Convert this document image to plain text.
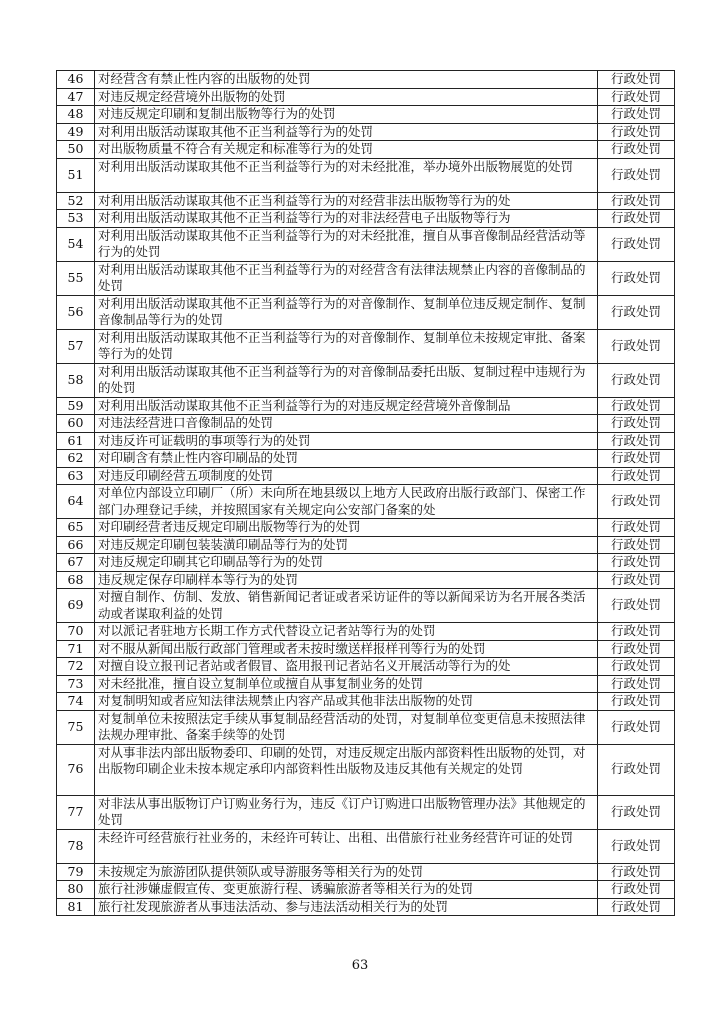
46	对经营含有禁止性内容的出版物的处罚	行政处罚
47	对违反规定经营境外出版物的处罚	行政处罚
48	对违反规定印刷和复制出版物等行为的处罚	行政处罚
49	对利用出版活动谋取其他不正当利益等行为的处罚	行政处罚
50	对出版物质量不符合有关规定和标准等行为的处罚	行政处罚
51	对利用出版活动谋取其他不正当利益等行为的对未经批准，举办境外出版物展览的处罚	行政处罚
52	对利用出版活动谋取其他不正当利益等行为的对经营非法出版物等行为的处	行政处罚
53	对利用出版活动谋取其他不正当利益等行为的对非法经营电子出版物等行为	行政处罚
54	对利用出版活动谋取其他不正当利益等行为的对未经批准，擅自从事音像制品经营活动等行为的处罚	行政处罚
55	对利用出版活动谋取其他不正当利益等行为的对经营含有法律法规禁止内容的音像制品的处罚	行政处罚
56	对利用出版活动谋取其他不正当利益等行为的对音像制作、复制单位违反规定制作、复制音像制品等行为的处罚	行政处罚
57	对利用出版活动谋取其他不正当利益等行为的对音像制作、复制单位未按规定审批、备案等行为的处罚	行政处罚
58	对利用出版活动谋取其他不正当利益等行为的对音像制品委托出版、复制过程中违规行为的处罚	行政处罚
59	对利用出版活动谋取其他不正当利益等行为的对违反规定经营境外音像制品	行政处罚
60	对违法经营进口音像制品的处罚	行政处罚
61	对违反许可证载明的事项等行为的处罚	行政处罚
62	对印刷含有禁止性内容印刷品的处罚	行政处罚
63	对违反印刷经营五项制度的处罚	行政处罚
64	对单位内部设立印刷厂（所）未向所在地县级以上地方人民政府出版行政部门、保密工作部门办理登记手续，并按照国家有关规定向公安部门备案的处	行政处罚
65	对印刷经营者违反规定印刷出版物等行为的处罚	行政处罚
66	对违反规定印刷包装装潢印刷品等行为的处罚	行政处罚
67	对违反规定印刷其它印刷品等行为的处罚	行政处罚
68	违反规定保存印刷样本等行为的处罚	行政处罚
69	对擅自制作、仿制、发放、销售新闻记者证或者采访证件的等以新闻采访为名开展各类活动或者谋取利益的处罚	行政处罚
70	对以派记者驻地方长期工作方式代替设立记者站等行为的处罚	行政处罚
71	对不服从新闻出版行政部门管理或者未按时缴送样报样刊等行为的处罚	行政处罚
72	对擅自设立报刊记者站或者假冒、盗用报刊记者站名义开展活动等行为的处	行政处罚
73	对未经批准，擅自设立复制单位或擅自从事复制业务的处罚	行政处罚
74	对复制明知或者应知法律法规禁止内容产品或其他非法出版物的处罚	行政处罚
75	对复制单位未按照法定手续从事复制品经营活动的处罚，对复制单位变更信息未按照法律法规办理审批、备案手续等的处罚	行政处罚
76	对从事非法内部出版物委印、印刷的处罚，对违反规定出版内部资料性出版物的处罚，对出版物印刷企业未按本规定承印内部资料性出版物及违反其他有关规定的处罚	行政处罚
77	对非法从事出版物订户订购业务行为，违反《订户订购进口出版物管理办法》其他规定的处罚	行政处罚
78	未经许可经营旅行社业务的，未经许可转让、出租、出借旅行社业务经营许可证的处罚	行政处罚
79	未按规定为旅游团队提供领队或导游服务等相关行为的处罚	行政处罚
80	旅行社涉嫌虚假宣传、变更旅游行程、诱骗旅游者等相关行为的处罚	行政处罚
81	旅行社发现旅游者从事违法活动、参与违法活动相关行为的处罚	行政处罚
63
